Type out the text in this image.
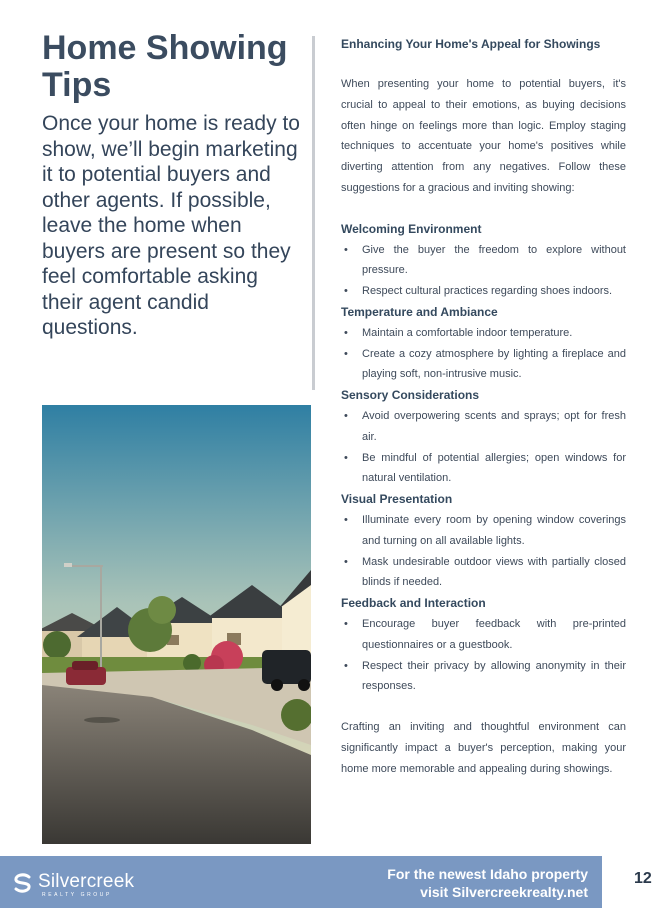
Home Showing Tips

Once your home is ready to show, we’ll begin marketing it to potential buyers and other agents. If possible, leave the home when buyers are present so they feel comfortable asking their agent candid questions.

Enhancing Your Home's Appeal for Showings

When presenting your home to potential buyers, it's crucial to appeal to their emotions, as buying decisions often hinge on feelings more than logic. Employ staging techniques to accentuate your home's positives while diverting attention from any negatives. Follow these suggestions for a gracious and inviting showing:

Welcoming Environment
• Give the buyer the freedom to explore without pressure.
• Respect cultural practices regarding shoes indoors.
Temperature and Ambiance
• Maintain a comfortable indoor temperature.
• Create a cozy atmosphere by lighting a fireplace and playing soft, non-intrusive music.
Sensory Considerations
• Avoid overpowering scents and sprays; opt for fresh air.
• Be mindful of potential allergies; open windows for natural ventilation.
Visual Presentation
• Illuminate every room by opening window coverings and turning on all available lights.
• Mask undesirable outdoor views with partially closed blinds if needed.
Feedback and Interaction
• Encourage buyer feedback with pre-printed questionnaires or a guestbook.
• Respect their privacy by allowing anonymity in their responses.

Crafting an inviting and thoughtful environment can significantly impact a buyer's perception, making your home more memorable and appealing during showings.

Silvercreek
REALTY GROUP
For the newest Idaho property
visit Silvercreekrealty.net
12
